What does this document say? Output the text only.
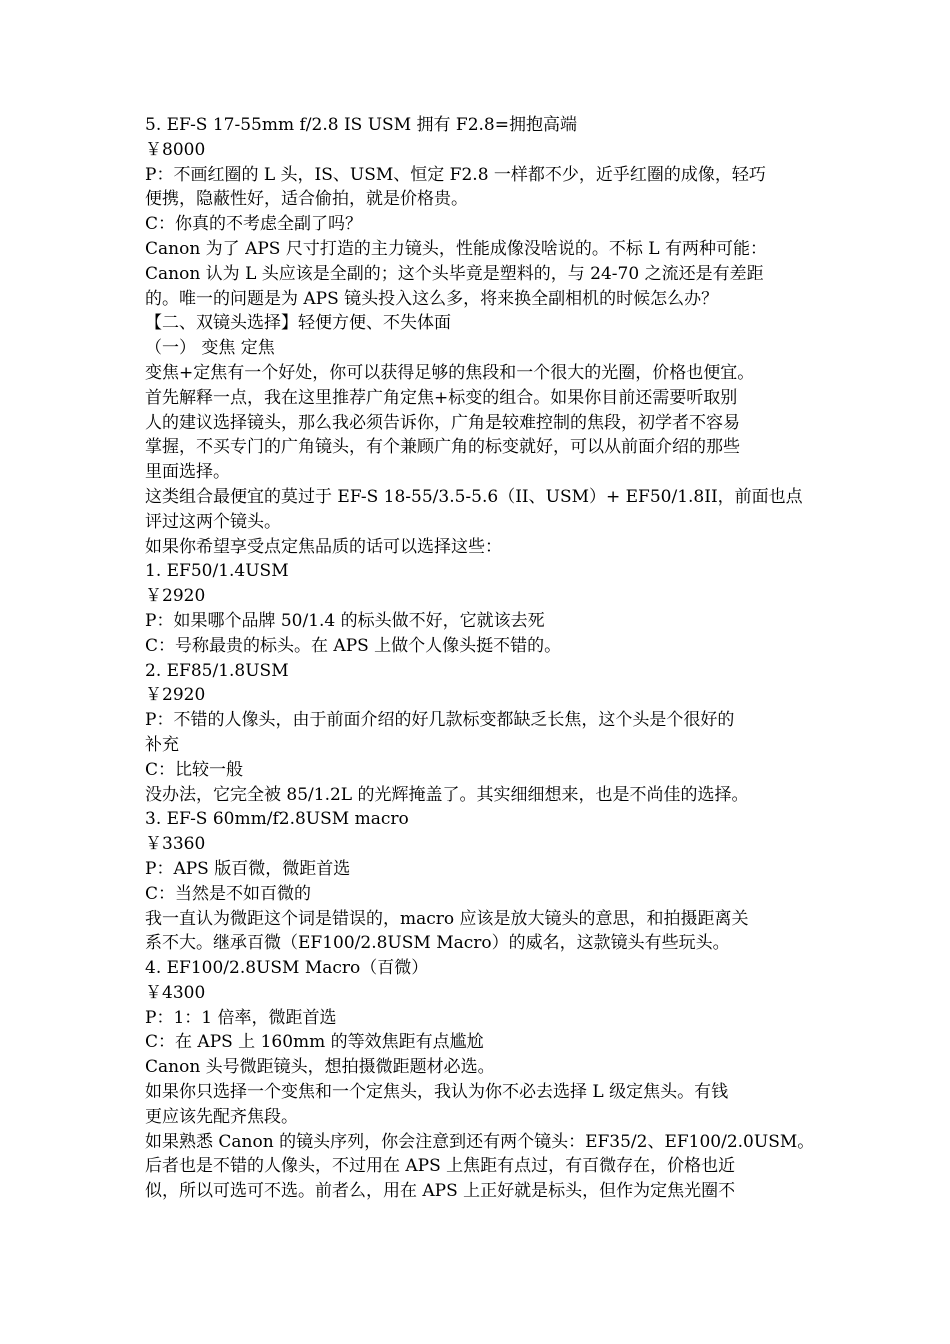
5. EF-S 17-55mm f/2.8 IS USM 拥有 F2.8=拥抱高端
￥8000
P：不画红圈的 L 头，IS、USM、恒定 F2.8 一样都不少，近乎红圈的成像，轻巧
便携，隐蔽性好，适合偷拍，就是价格贵。
C：你真的不考虑全副了吗？
Canon 为了 APS 尺寸打造的主力镜头，性能成像没啥说的。不标 L 有两种可能：
Canon 认为 L 头应该是全副的；这个头毕竟是塑料的，与 24-70 之流还是有差距
的。唯一的问题是为 APS 镜头投入这么多，将来换全副相机的时候怎么办？
【二、双镜头选择】轻便方便、不失体面
（一） 变焦 定焦
变焦+定焦有一个好处，你可以获得足够的焦段和一个很大的光圈，价格也便宜。
首先解释一点，我在这里推荐广角定焦+标变的组合。如果你目前还需要听取别
人的建议选择镜头，那么我必须告诉你，广角是较难控制的焦段，初学者不容易
掌握，不买专门的广角镜头，有个兼顾广角的标变就好，可以从前面介绍的那些
里面选择。
这类组合最便宜的莫过于 EF-S 18-55/3.5-5.6（II、USM）+ EF50/1.8II，前面也点
评过这两个镜头。
如果你希望享受点定焦品质的话可以选择这些：
1. EF50/1.4USM
￥2920
P：如果哪个品牌 50/1.4 的标头做不好，它就该去死
C：号称最贵的标头。在 APS 上做个人像头挺不错的。
2. EF85/1.8USM
￥2920
P：不错的人像头，由于前面介绍的好几款标变都缺乏长焦，这个头是个很好的
补充
C：比较一般
没办法，它完全被 85/1.2L 的光辉掩盖了。其实细细想来，也是不尚佳的选择。
3. EF-S 60mm/f2.8USM macro
￥3360
P：APS 版百微，微距首选
C：当然是不如百微的
我一直认为微距这个词是错误的，macro 应该是放大镜头的意思，和拍摄距离关
系不大。继承百微（EF100/2.8USM Macro）的威名，这款镜头有些玩头。
4. EF100/2.8USM Macro（百微）
￥4300
P：1：1 倍率，微距首选
C：在 APS 上 160mm 的等效焦距有点尴尬
Canon 头号微距镜头，想拍摄微距题材必选。
如果你只选择一个变焦和一个定焦头，我认为你不必去选择 L 级定焦头。有钱
更应该先配齐焦段。
如果熟悉 Canon 的镜头序列，你会注意到还有两个镜头：EF35/2、EF100/2.0USM。
后者也是不错的人像头，不过用在 APS 上焦距有点过，有百微存在，价格也近
似，所以可选可不选。前者么，用在 APS 上正好就是标头，但作为定焦光圈不
